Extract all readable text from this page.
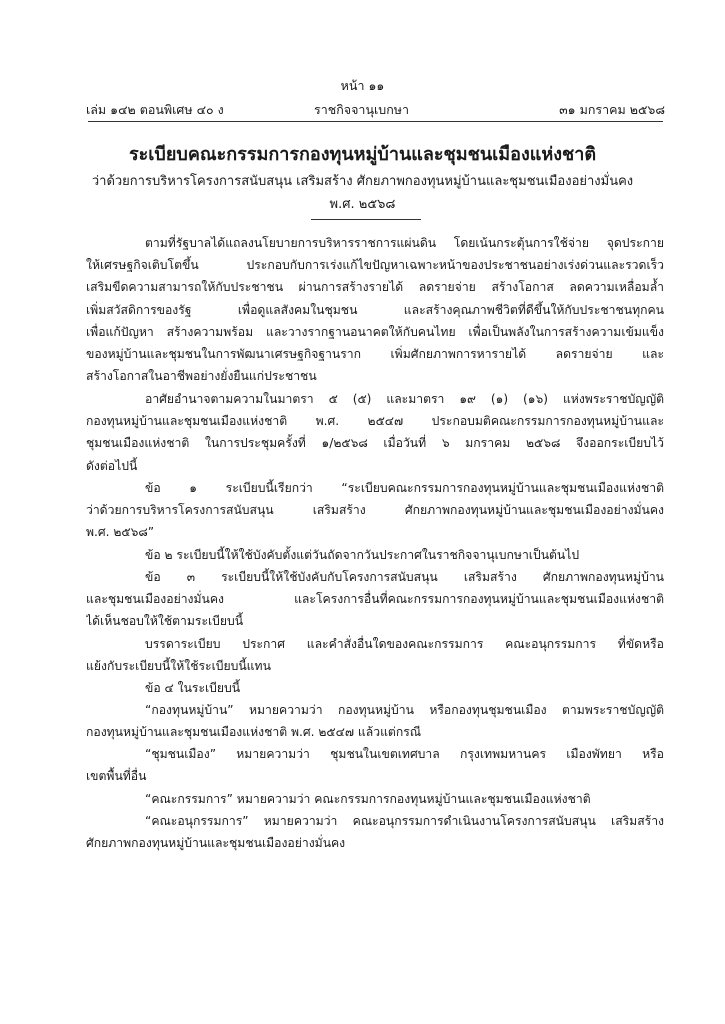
หน้า ๑๑
เล่ม ๑๔๒ ตอนพิเศษ ๔๐ ง	ราชกิจจานุเบกษา	๓๑ มกราคม ๒๕๖๘
ระเบียบคณะกรรมการกองทุนหมู่บ้านและชุมชนเมืองแห่งชาติ
ว่าด้วยการบริหารโครงการสนับสนุน เสริมสร้าง ศักยภาพกองทุนหมู่บ้านและชุมชนเมืองอย่างมั่นคง
พ.ศ. ๒๕๖๘
ตามที่รัฐบาลได้แถลงนโยบายการบริหารราชการแผ่นดิน โดยเน้นกระตุ้นการใช้จ่าย จุดประกาย
ให้เศรษฐกิจเติบโตขึ้น ประกอบกับการเร่งแก้ไขปัญหาเฉพาะหน้าของประชาชนอย่างเร่งด่วนและรวดเร็ว
เสริมขีดความสามารถให้กับประชาชน ผ่านการสร้างรายได้ ลดรายจ่าย สร้างโอกาส ลดความเหลื่อมล้ำ
เพิ่มสวัสดิการของรัฐ เพื่อดูแลสังคมในชุมชน และสร้างคุณภาพชีวิตที่ดีขึ้นให้กับประชาชนทุกคน
เพื่อแก้ปัญหา สร้างความพร้อม และวางรากฐานอนาคตให้กับคนไทย เพื่อเป็นพลังในการสร้างความเข้มแข็ง
ของหมู่บ้านและชุมชนในการพัฒนาเศรษฐกิจฐานราก เพิ่มศักยภาพการหารายได้ ลดรายจ่าย และ
สร้างโอกาสในอาชีพอย่างยั่งยืนแก่ประชาชน
อาศัยอำนาจตามความในมาตรา ๕ (๕) และมาตรา ๑๙ (๑) (๑๖) แห่งพระราชบัญญัติ
กองทุนหมู่บ้านและชุมชนเมืองแห่งชาติ พ.ศ. ๒๕๔๗ ประกอบมติคณะกรรมการกองทุนหมู่บ้านและ
ชุมชนเมืองแห่งชาติ ในการประชุมครั้งที่ ๑/๒๕๖๘ เมื่อวันที่ ๖ มกราคม ๒๕๖๘ จึงออกระเบียบไว้
ดังต่อไปนี้
ข้อ ๑ ระเบียบนี้เรียกว่า “ระเบียบคณะกรรมการกองทุนหมู่บ้านและชุมชนเมืองแห่งชาติ
ว่าด้วยการบริหารโครงการสนับสนุน เสริมสร้าง ศักยภาพกองทุนหมู่บ้านและชุมชนเมืองอย่างมั่นคง
พ.ศ. ๒๕๖๘”
ข้อ ๒ ระเบียบนี้ให้ใช้บังคับตั้งแต่วันถัดจากวันประกาศในราชกิจจานุเบกษาเป็นต้นไป
ข้อ ๓ ระเบียบนี้ให้ใช้บังคับกับโครงการสนับสนุน เสริมสร้าง ศักยภาพกองทุนหมู่บ้าน
และชุมชนเมืองอย่างมั่นคง และโครงการอื่นที่คณะกรรมการกองทุนหมู่บ้านและชุมชนเมืองแห่งชาติ
ได้เห็นชอบให้ใช้ตามระเบียบนี้
บรรดาระเบียบ ประกาศ และคำสั่งอื่นใดของคณะกรรมการ คณะอนุกรรมการ ที่ขัดหรือ
แย้งกับระเบียบนี้ให้ใช้ระเบียบนี้แทน
ข้อ ๔ ในระเบียบนี้
“กองทุนหมู่บ้าน” หมายความว่า กองทุนหมู่บ้าน หรือกองทุนชุมชนเมือง ตามพระราชบัญญัติ
กองทุนหมู่บ้านและชุมชนเมืองแห่งชาติ พ.ศ. ๒๕๔๗ แล้วแต่กรณี
“ชุมชนเมือง” หมายความว่า ชุมชนในเขตเทศบาล กรุงเทพมหานคร เมืองพัทยา หรือ
เขตพื้นที่อื่น
“คณะกรรมการ” หมายความว่า คณะกรรมการกองทุนหมู่บ้านและชุมชนเมืองแห่งชาติ
“คณะอนุกรรมการ” หมายความว่า คณะอนุกรรมการดำเนินงานโครงการสนับสนุน เสริมสร้าง
ศักยภาพกองทุนหมู่บ้านและชุมชนเมืองอย่างมั่นคง
